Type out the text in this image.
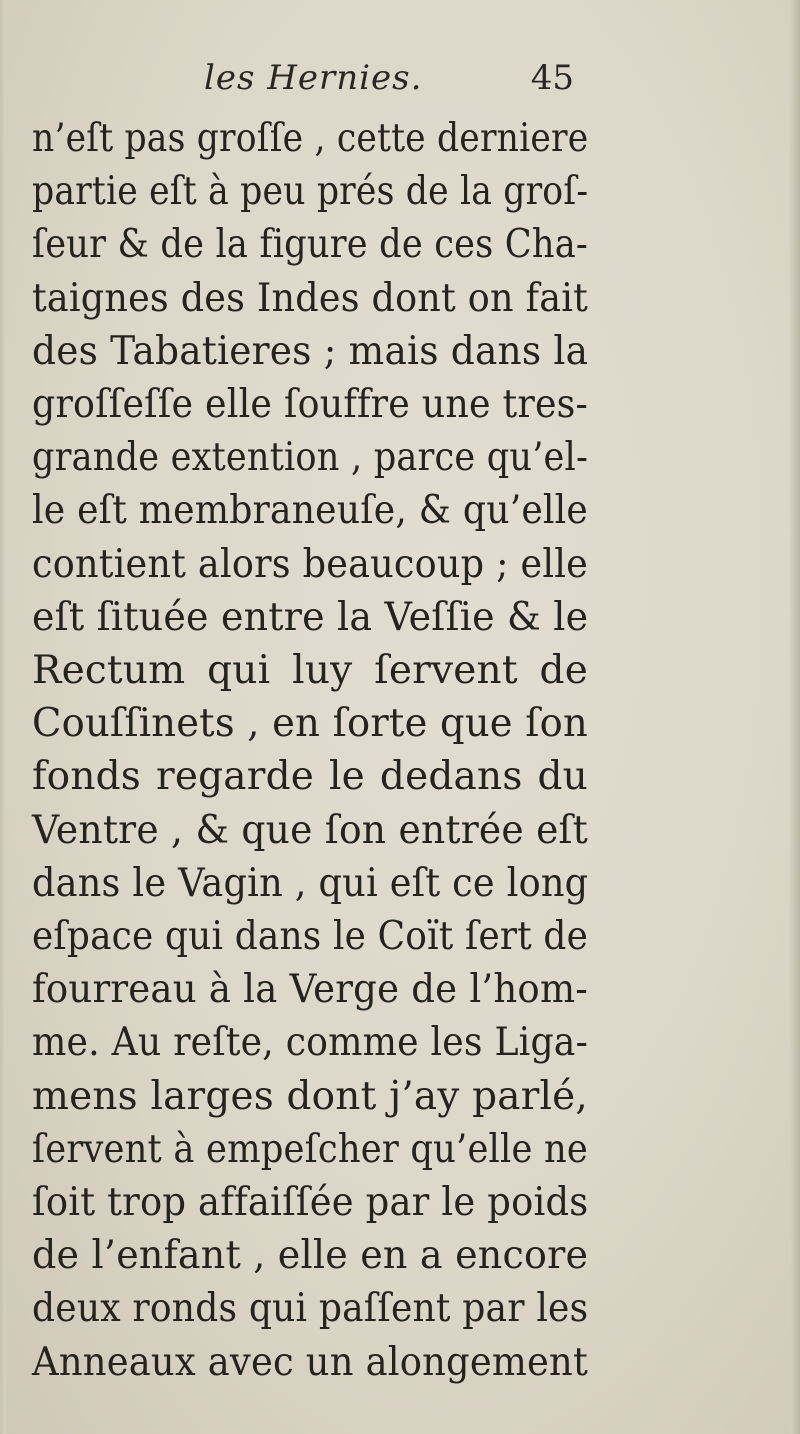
les Hernies.	45
n’eſt pas groſſe , cette derniere partie eſt à peu prés de la groſ- ſeur & de la figure de ces Cha- taignes des Indes dont on fait des Tabatieres ; mais dans la groſſeſſe elle ſouffre une tres- grande extention , parce qu’el- le eſt membraneuſe, & qu’elle contient alors beaucoup ; elle eſt ſituée entre la Veſſie & le
Rectum qui luy ſervent de
Couſſinets , en ſorte que ſon
fonds regarde le dedans du
Ventre , & que ſon entrée eſt dans le Vagin , qui eſt ce long eſpace qui dans le Coït ſert de fourreau à la Verge de l’hom- me. Au reſte, comme les Liga- mens larges dont j’ay parlé, ſervent à empeſcher qu’elle ne ſoit trop affaiſſée par le poids de l’enfant , elle en a encore deux ronds qui paſſent par les Anneaux avec un alongement
